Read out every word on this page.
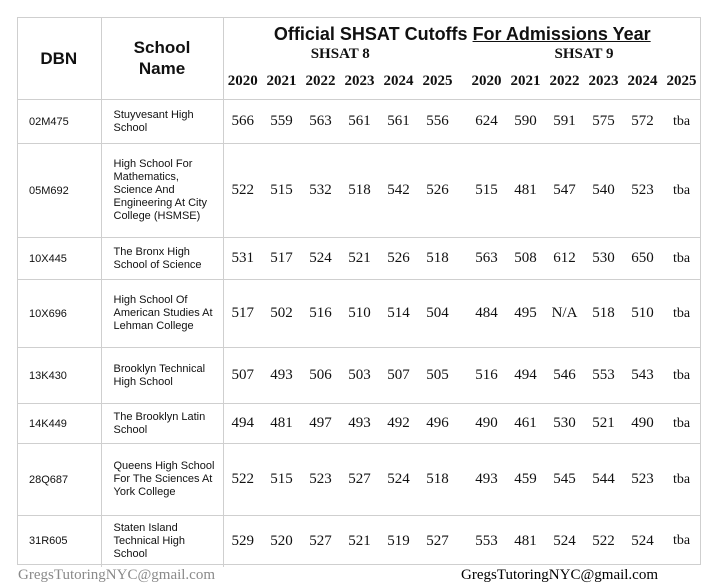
DBN	School
Name	Official SHSAT Cutoffs For Admissions Year												
		SHSAT 8							SHSAT 9					
		2020	2021	2022	2023	2024	2025		2020	2021	2022	2023	2024	2025
02M475	Stuyvesant High School	566	559	563	561	561	556		624	590	591	575	572	tba
05M692	High School For Mathematics, Science And Engineering At City College (HSMSE)	522	515	532	518	542	526		515	481	547	540	523	tba
10X445	The Bronx High School of Science	531	517	524	521	526	518		563	508	612	530	650	tba
10X696	High School Of American Studies At Lehman College	517	502	516	510	514	504		484	495	N/A	518	510	tba
13K430	Brooklyn Technical High School	507	493	506	503	507	505		516	494	546	553	543	tba
14K449	The Brooklyn Latin School	494	481	497	493	492	496		490	461	530	521	490	tba
28Q687	Queens High School For The Sciences At York College	522	515	523	527	524	518		493	459	545	544	523	tba
31R605	Staten Island Technical High School	529	520	527	521	519	527		553	481	524	522	524	tba
GregsTutoringNYC@gmail.com	GregsTutoringNYC@gmail.com
